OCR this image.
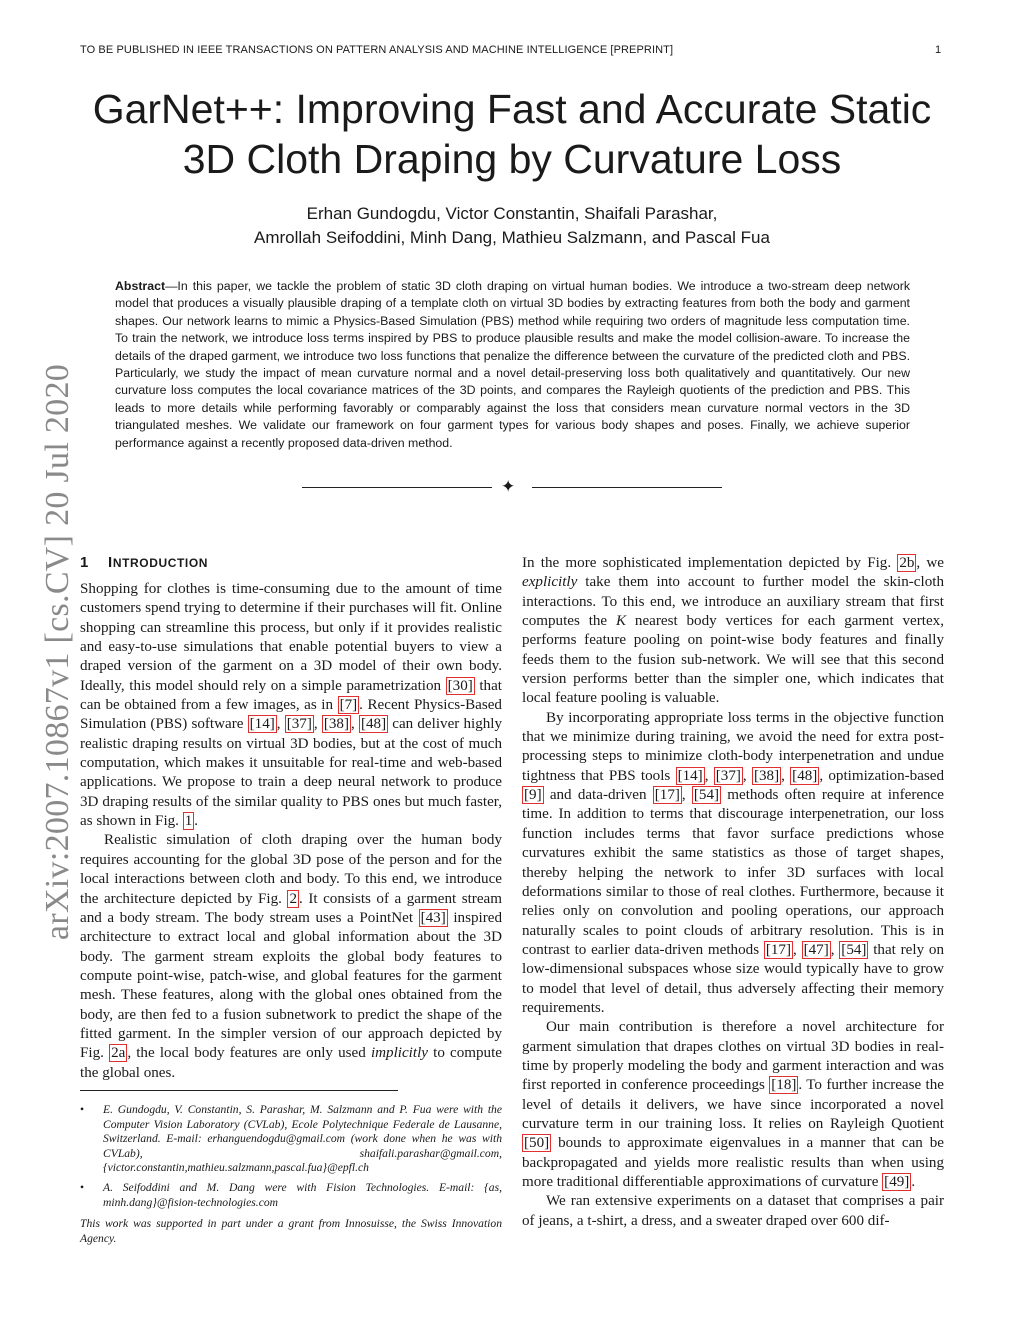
TO BE PUBLISHED IN IEEE TRANSACTIONS ON PATTERN ANALYSIS AND MACHINE INTELLIGENCE [PREPRINT]	1
GarNet++: Improving Fast and Accurate Static
3D Cloth Draping by Curvature Loss
Erhan Gundogdu, Victor Constantin, Shaifali Parashar,
Amrollah Seifoddini, Minh Dang, Mathieu Salzmann, and Pascal Fua
Abstract—In this paper, we tackle the problem of static 3D cloth draping on virtual human bodies. We introduce a two-stream deep network model that produces a visually plausible draping of a template cloth on virtual 3D bodies by extracting features from both the body and garment shapes. Our network learns to mimic a Physics-Based Simulation (PBS) method while requiring two orders of magnitude less computation time. To train the network, we introduce loss terms inspired by PBS to produce plausible results and make the model collision-aware. To increase the details of the draped garment, we introduce two loss functions that penalize the difference between the curvature of the predicted cloth and PBS. Particularly, we study the impact of mean curvature normal and a novel detail-preserving loss both qualitatively and quantitatively. Our new curvature loss computes the local covariance matrices of the 3D points, and compares the Rayleigh quotients of the prediction and PBS. This leads to more details while performing favorably or comparably against the loss that considers mean curvature normal vectors in the 3D triangulated meshes. We validate our framework on four garment types for various body shapes and poses. Finally, we achieve superior performance against a recently proposed data-driven method.
✦
arXiv:2007.10867v1 [cs.CV] 20 Jul 2020 1 INTRODUCTION

Shopping for clothes is time-consuming due to the amount of time customers spend trying to determine if their purchases will fit. Online shopping can streamline this process, but only if it provides realistic and easy-to-use simulations that enable potential buyers to view a draped version of the garment on a 3D model of their own body. Ideally, this model should rely on a simple parametrization [30] that can be obtained from a few images, as in [7] . Recent Physics-Based Simulation (PBS) software [14] , [37] , [38] , [48] can deliver highly realistic draping results on virtual 3D bodies, but at the cost of much computation, which makes it unsuitable for real-time and web-based applications. We propose to train a deep neural network to produce 3D draping results of the similar quality to PBS ones but much faster, as shown in Fig. 1 .

Realistic simulation of cloth draping over the human body requires accounting for the global 3D pose of the person and for the local interactions between cloth and body. To this end, we introduce the architecture depicted by Fig. 2 . It consists of a garment stream and a body stream. The body stream uses a PointNet [43] inspired architecture to extract local and global information about the 3D body. The garment stream exploits the global body features to compute point-wise, patch-wise, and global features for the garment mesh. These features, along with the global ones obtained from the body, are then fed to a fusion subnetwork to predict the shape of the fitted garment. In the simpler version of our approach depicted by Fig. 2a , the local body features are only used implicitly to compute the global ones.

• E. Gundogdu, V. Constantin, S. Parashar, M. Salzmann and P. Fua were with the Computer Vision Laboratory (CVLab), Ecole Polytechnique Federale de Lausanne, Switzerland. E-mail: erhanguendogdu@gmail.com (work done when he was with CVLab), shaifali.parashar@gmail.com, {victor.constantin,mathieu.salzmann,pascal.fua}@epfl.ch
• A. Seifoddini and M. Dang were with Fision Technologies. E-mail: {as, minh.dang}@fision-technologies.com
This work was supported in part under a grant from Innosuisse, the Swiss Innovation Agency.

In the more sophisticated implementation depicted by Fig. 2b , we explicitly take them into account to further model the skin-cloth interactions. To this end, we introduce an auxiliary stream that first computes the K nearest body vertices for each garment vertex, performs feature pooling on point-wise body features and finally feeds them to the fusion sub-network. We will see that this second version performs better than the simpler one, which indicates that local feature pooling is valuable.

By incorporating appropriate loss terms in the objective function that we minimize during training, we avoid the need for extra post-processing steps to minimize cloth-body interpenetration and undue tightness that PBS tools [14] , [37] , [38] , [48] , optimization-based [9] and data-driven [17] , [54] methods often require at inference time. In addition to terms that discourage interpenetration, our loss function includes terms that favor surface predictions whose curvatures exhibit the same statistics as those of target shapes, thereby helping the network to infer 3D surfaces with local deformations similar to those of real clothes. Furthermore, because it relies only on convolution and pooling operations, our approach naturally scales to point clouds of arbitrary resolution. This is in contrast to earlier data-driven methods [17] , [47] , [54] that rely on low-dimensional subspaces whose size would typically have to grow to model that level of detail, thus adversely affecting their memory requirements.

Our main contribution is therefore a novel architecture for garment simulation that drapes clothes on virtual 3D bodies in real-time by properly modeling the body and garment interaction and was first reported in conference proceedings [18] . To further increase the level of details it delivers, we have since incorporated a novel curvature term in our training loss. It relies on Rayleigh Quotient [50] bounds to approximate eigenvalues in a manner that can be backpropagated and yields more realistic results than when using more traditional differentiable approximations of curvature [49] .

We ran extensive experiments on a dataset that comprises a pair of jeans, a t-shirt, a dress, and a sweater draped over 600 dif-
